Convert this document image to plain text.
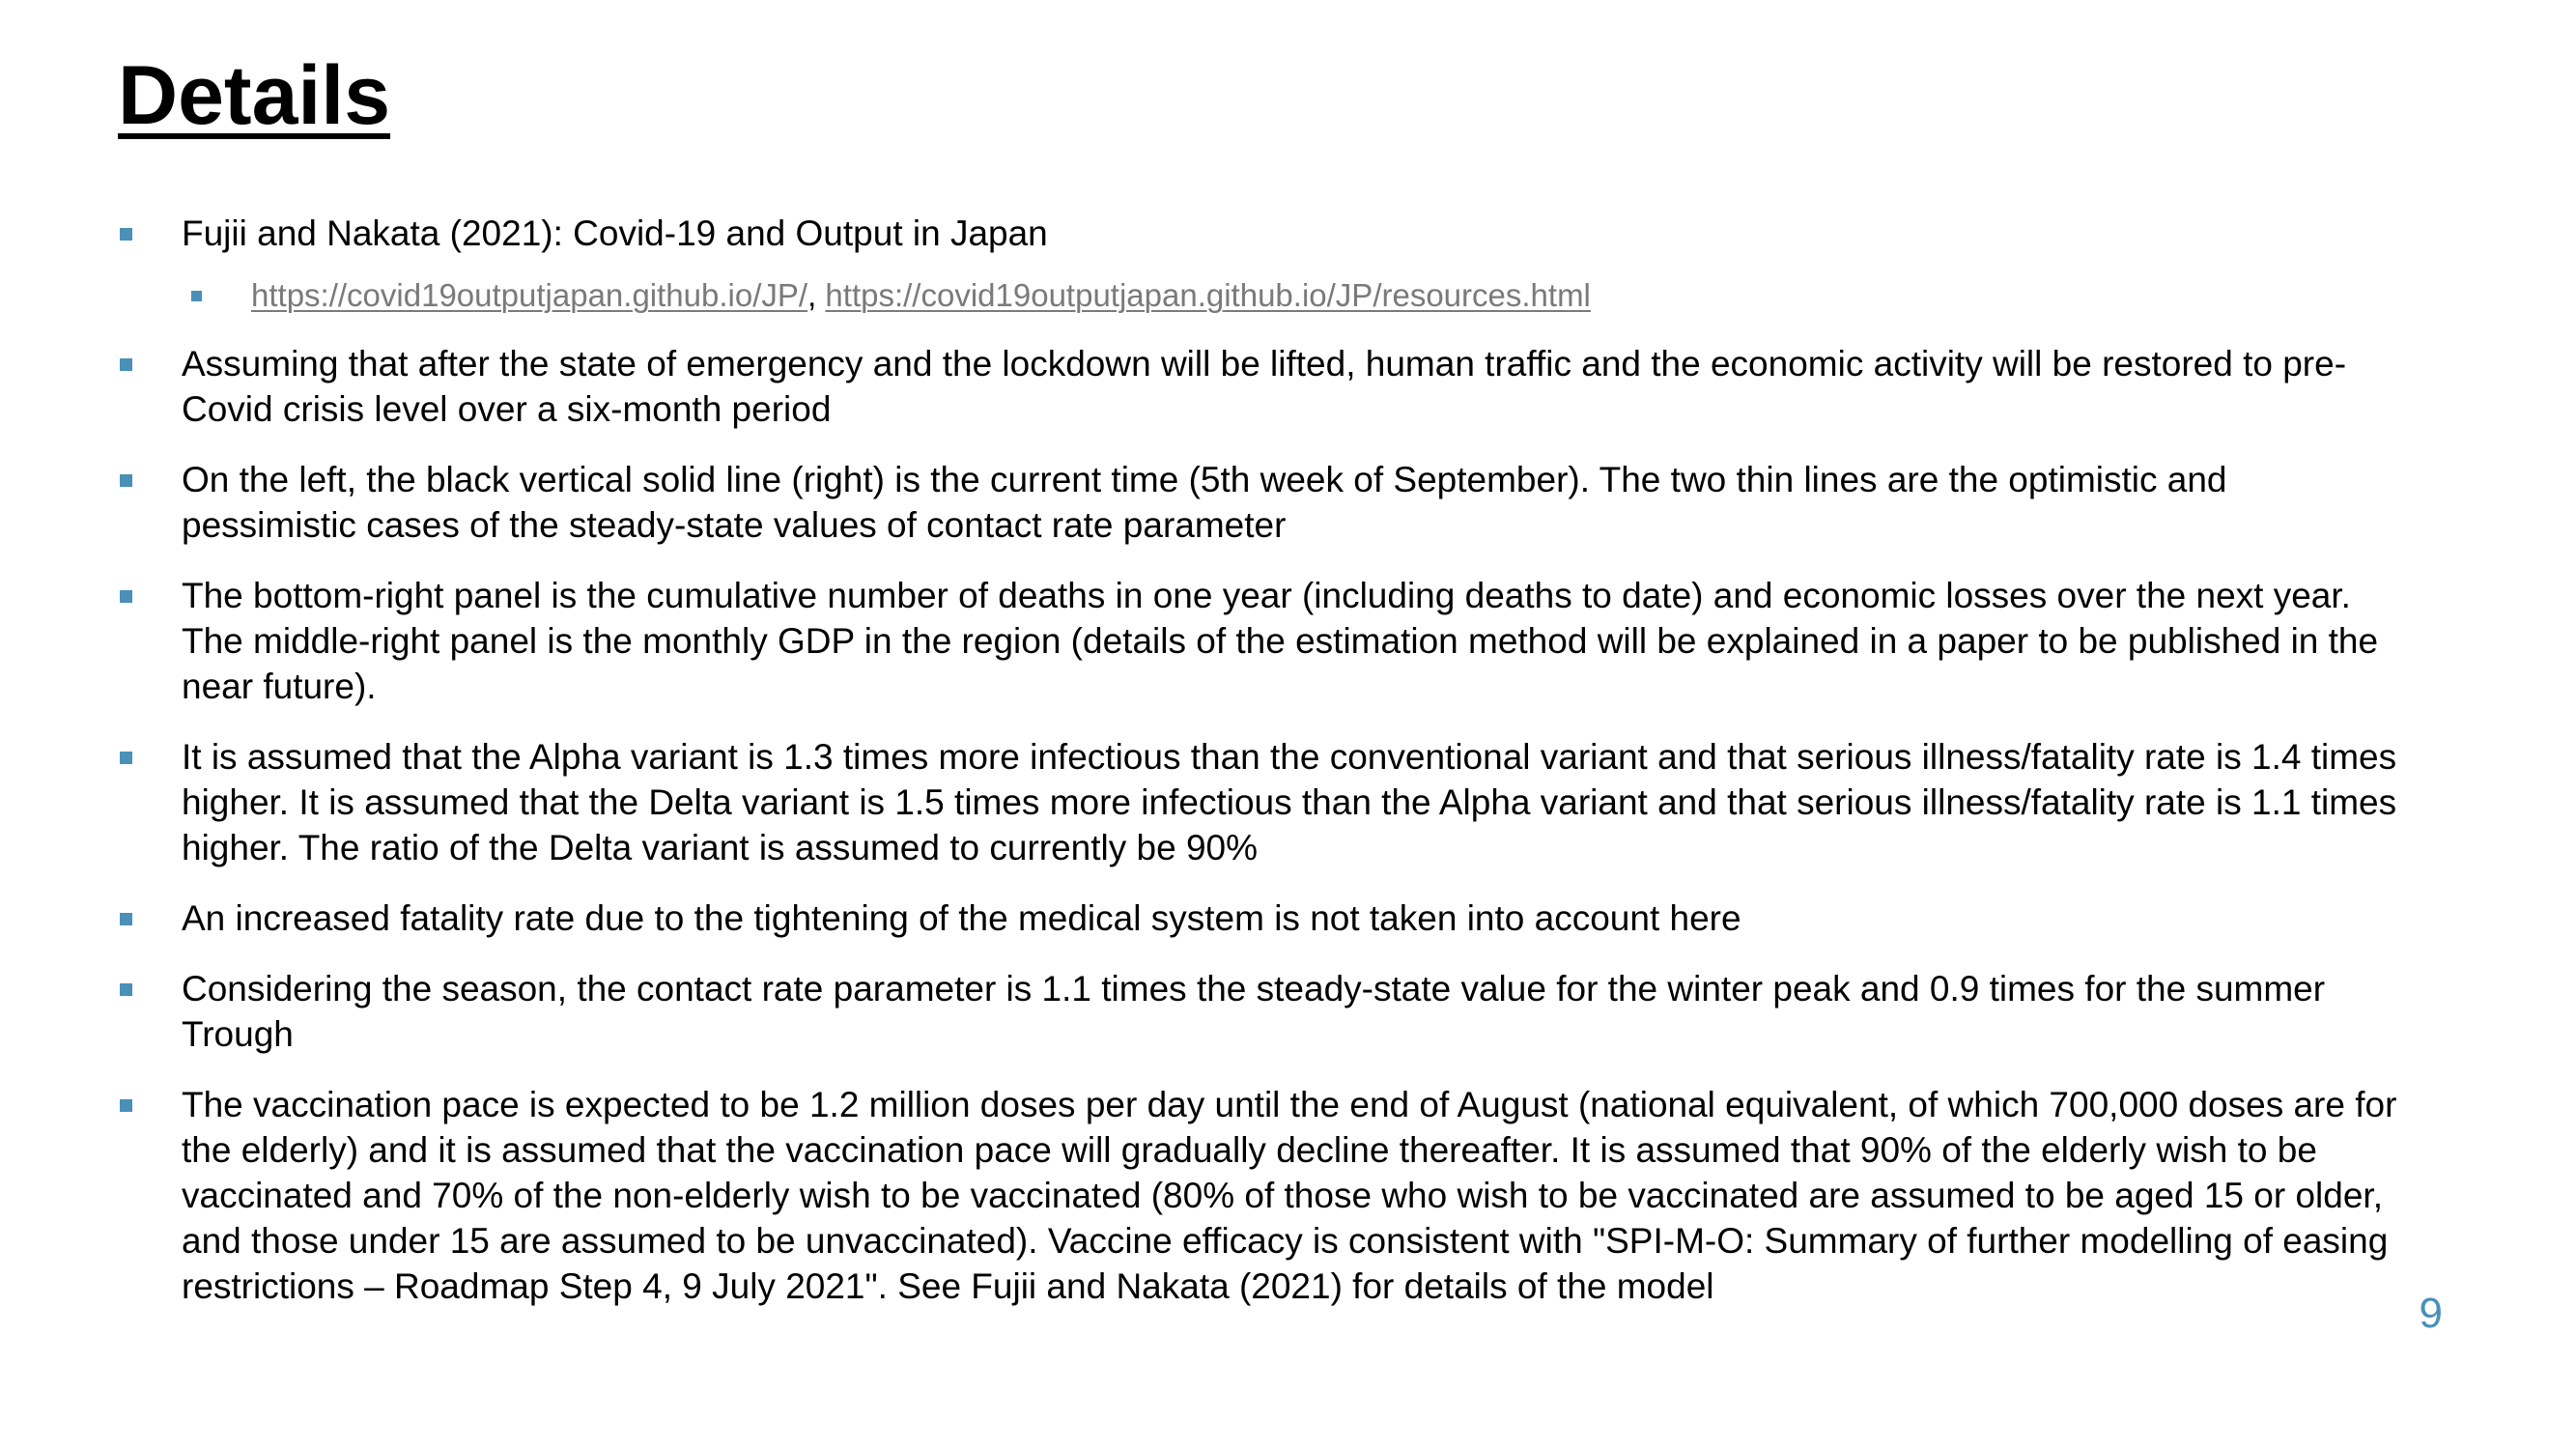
Details
Fujii and Nakata (2021): Covid-19 and Output in Japan
https://covid19outputjapan.github.io/JP/, https://covid19outputjapan.github.io/JP/resources.html
Assuming that after the state of emergency and the lockdown will be lifted, human traffic and the economic activity will be restored to pre-Covid crisis level over a six-month period
On the left, the black vertical solid line (right) is the current time (5th week of September). The two thin lines are the optimistic and pessimistic cases of the steady-state values of contact rate parameter
The bottom-right panel is the cumulative number of deaths in one year (including deaths to date) and economic losses over the next year. The middle-right panel is the monthly GDP in the region (details of the estimation method will be explained in a paper to be published in the near future).
It is assumed that the Alpha variant is 1.3 times more infectious than the conventional variant and that serious illness/fatality rate is 1.4 times higher. It is assumed that the Delta variant is 1.5 times more infectious than the Alpha variant and that serious illness/fatality rate is 1.1 times higher. The ratio of the Delta variant is assumed to currently be 90%
An increased fatality rate due to the tightening of the medical system is not taken into account here
Considering the season, the contact rate parameter is 1.1 times the steady-state value for the winter peak and 0.9 times for the summer Trough
The vaccination pace is expected to be 1.2 million doses per day until the end of August (national equivalent, of which 700,000 doses are for the elderly) and it is assumed that the vaccination pace will gradually decline thereafter. It is assumed that 90% of the elderly wish to be vaccinated and 70% of the non-elderly wish to be vaccinated (80% of those who wish to be vaccinated are assumed to be aged 15 or older, and those under 15 are assumed to be unvaccinated). Vaccine efficacy is consistent with "SPI-M-O: Summary of further modelling of easing restrictions – Roadmap Step 4, 9 July 2021". See Fujii and Nakata (2021) for details of the model
9
